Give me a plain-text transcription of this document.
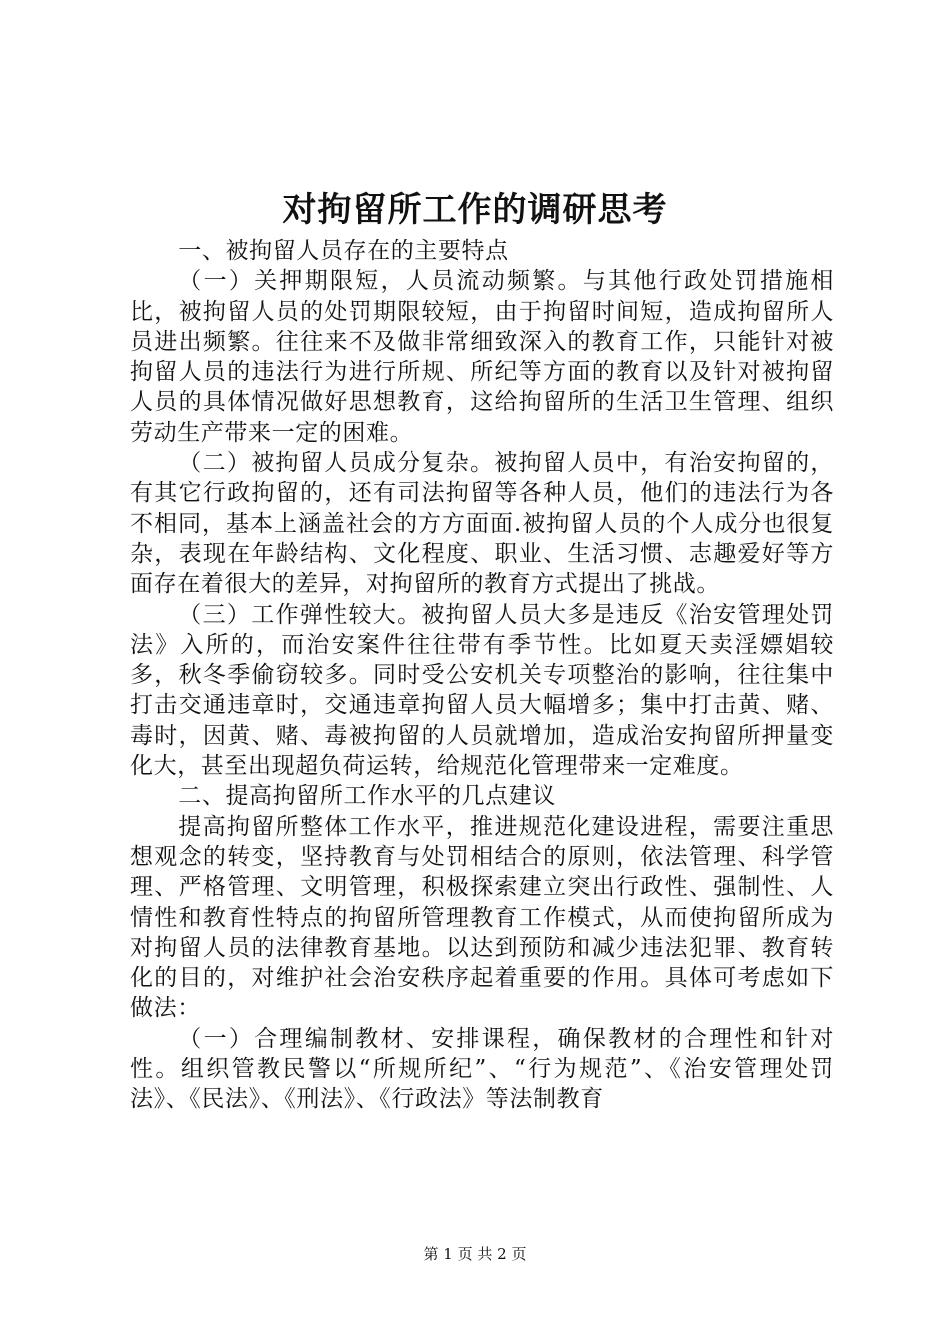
对拘留所工作的调研思考

一、被拘留人员存在的主要特点

（一）关押期限短，人员流动频繁。与其他行政处罚措施相比，被拘留人员的处罚期限较短，由于拘留时间短，造成拘留所人员进出频繁。往往来不及做非常细致深入的教育工作，只能针对被拘留人员的违法行为进行所规、所纪等方面的教育以及针对被拘留人员的具体情况做好思想教育，这给拘留所的生活卫生管理、组织劳动生产带来一定的困难。

（二）被拘留人员成分复杂。被拘留人员中，有治安拘留的，有其它行政拘留的，还有司法拘留等各种人员，他们的违法行为各不相同，基本上涵盖社会的方方面面.被拘留人员的个人成分也很复杂，表现在年龄结构、文化程度、职业、生活习惯、志趣爱好等方面存在着很大的差异，对拘留所的教育方式提出了挑战。

（三）工作弹性较大。被拘留人员大多是违反《治安管理处罚法》入所的，而治安案件往往带有季节性。比如夏天卖淫嫖娼较多，秋冬季偷窃较多。同时受公安机关专项整治的影响，往往集中打击交通违章时，交通违章拘留人员大幅增多；集中打击黄、赌、毒时，因黄、赌、毒被拘留的人员就增加，造成治安拘留所押量变化大，甚至出现超负荷运转，给规范化管理带来一定难度。

二、提高拘留所工作水平的几点建议

提高拘留所整体工作水平，推进规范化建设进程，需要注重思想观念的转变，坚持教育与处罚相结合的原则，依法管理、科学管理、严格管理、文明管理，积极探索建立突出行政性、强制性、人情性和教育性特点的拘留所管理教育工作模式，从而使拘留所成为对拘留人员的法律教育基地。以达到预防和减少违法犯罪、教育转化的目的，对维护社会治安秩序起着重要的作用。具体可考虑如下做法：

（一）合理编制教材、安排课程，确保教材的合理性和针对性。组织管教民警以“所规所纪”、“行为规范”、《治安管理处罚法》、《民法》、《刑法》、《行政法》等法制教育

第 1 页 共 2 页
